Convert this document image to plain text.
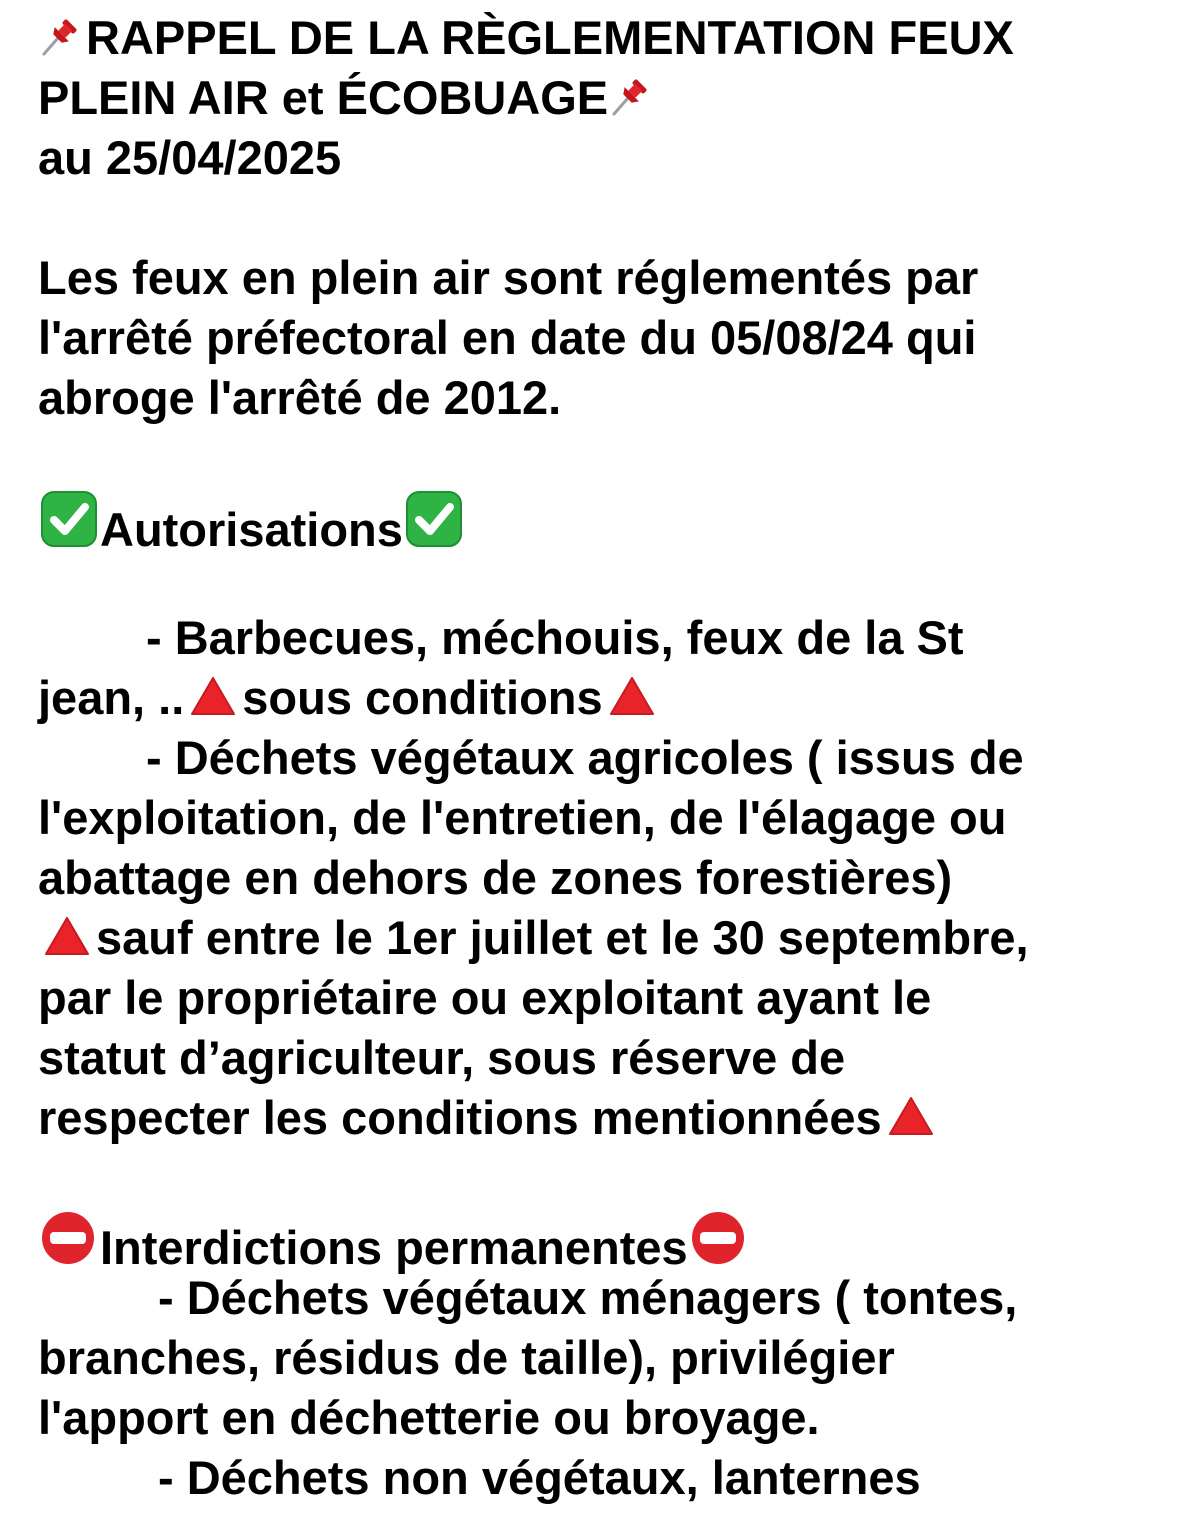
RAPPEL DE LA RÈGLEMENTATION FEUX
PLEIN AIR et ÉCOBUAGE
au 25/04/2025
Les feux en plein air sont réglementés par
l'arrêté préfectoral en date du 05/08/24 qui
abroge l'arrêté de 2012.
Autorisations
- Barbecues, méchouis, feux de la St
jean, .. sous conditions
- Déchets végétaux agricoles ( issus de
l'exploitation, de l'entretien, de l'élagage ou
abattage en dehors de zones forestières)
sauf entre le 1er juillet et le 30 septembre,
par le propriétaire ou exploitant ayant le
statut d’agriculteur, sous réserve de
respecter les conditions mentionnées
Interdictions permanentes
- Déchets végétaux ménagers ( tontes,
branches, résidus de taille), privilégier
l'apport en déchetterie ou broyage.
- Déchets non végétaux, lanternes
